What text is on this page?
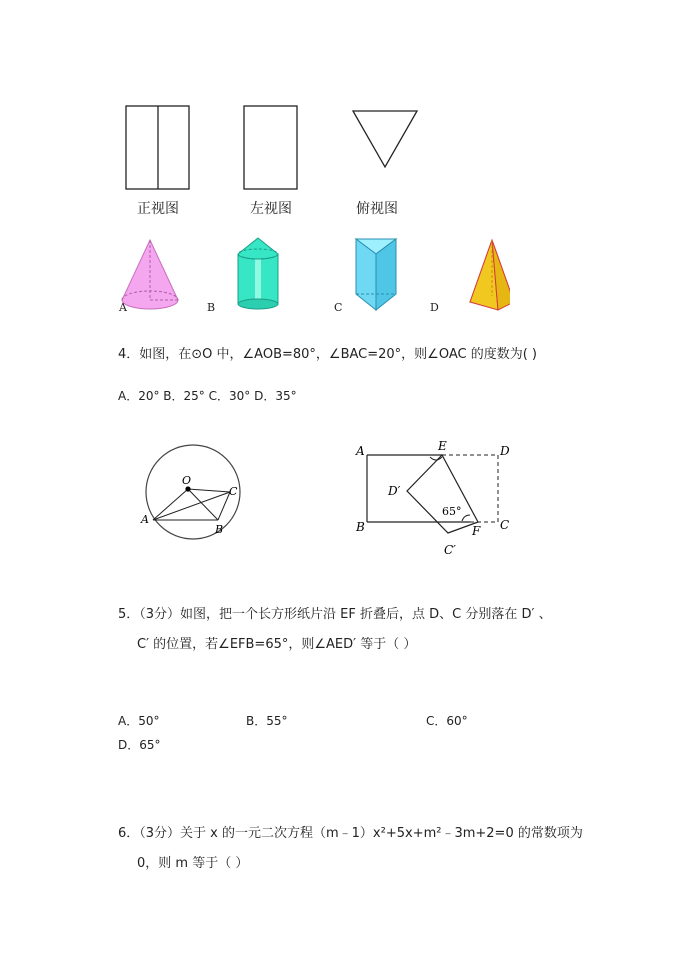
正视图	左视图	俯视图
A	B	C	D
4．如图，在⊙O 中，∠AOB=80°，∠BAC=20°，则∠OAC 的度数为( )
A．20° B．25° C．30° D．35°
O
A
B
C
A	E	D
D′
B	C
C′
F
65°
5．（3分）如图，把一个长方形纸片沿 EF 折叠后，点 D、C 分别落在 D′ 、
C′ 的位置，若∠EFB=65°，则∠AED′ 等于（ ）
A．50°	B．55°	C．60°
D．65°
6．（3分）关于 x 的一元二次方程（m﹣1）x²+5x+m²﹣3m+2=0 的常数项为
0，则 m 等于（ ）
